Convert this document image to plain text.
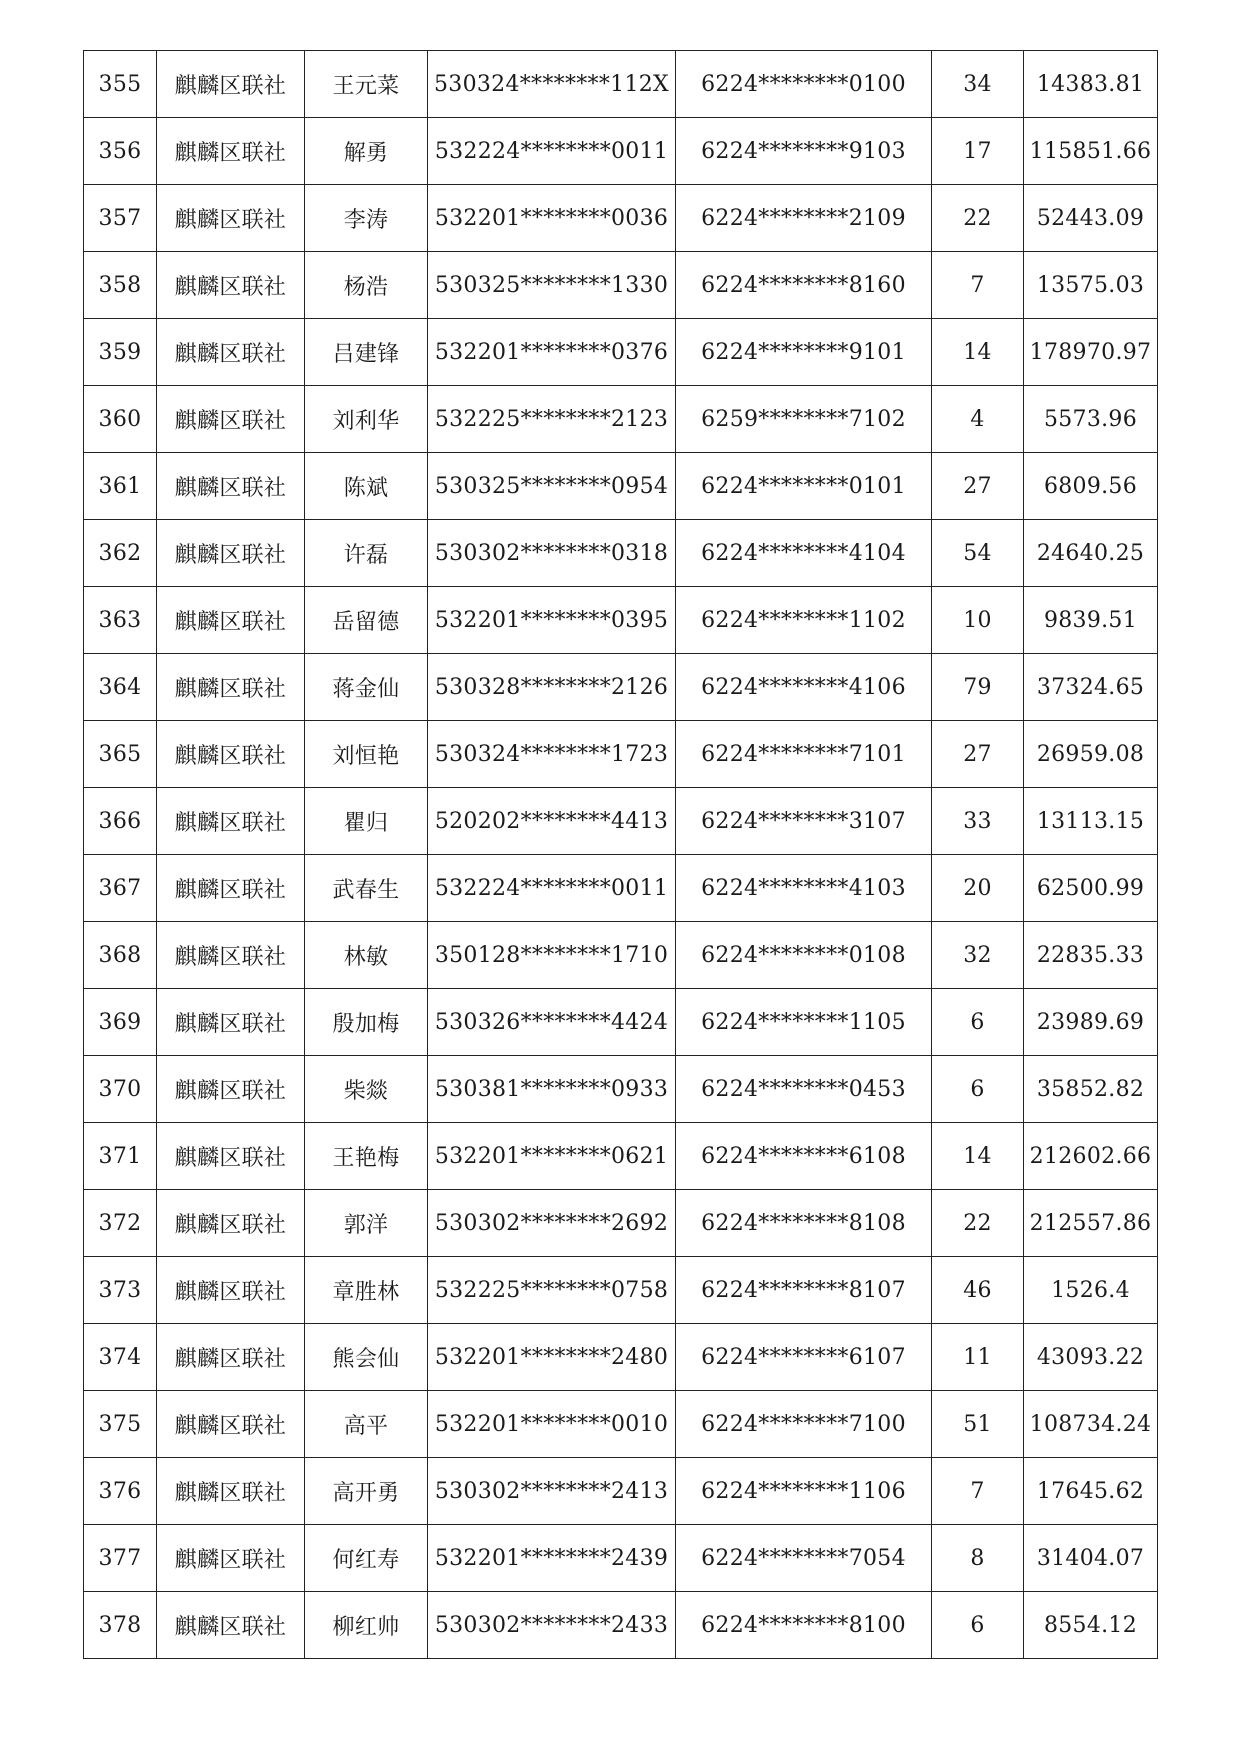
355	麒麟区联社	王元菜	530324********112X	6224********0100	34	14383.81
356	麒麟区联社	解勇	532224********0011	6224********9103	17	115851.66
357	麒麟区联社	李涛	532201********0036	6224********2109	22	52443.09
358	麒麟区联社	杨浩	530325********1330	6224********8160	7	13575.03
359	麒麟区联社	吕建锋	532201********0376	6224********9101	14	178970.97
360	麒麟区联社	刘利华	532225********2123	6259********7102	4	5573.96
361	麒麟区联社	陈斌	530325********0954	6224********0101	27	6809.56
362	麒麟区联社	许磊	530302********0318	6224********4104	54	24640.25
363	麒麟区联社	岳留德	532201********0395	6224********1102	10	9839.51
364	麒麟区联社	蒋金仙	530328********2126	6224********4106	79	37324.65
365	麒麟区联社	刘恒艳	530324********1723	6224********7101	27	26959.08
366	麒麟区联社	瞿归	520202********4413	6224********3107	33	13113.15
367	麒麟区联社	武春生	532224********0011	6224********4103	20	62500.99
368	麒麟区联社	林敏	350128********1710	6224********0108	32	22835.33
369	麒麟区联社	殷加梅	530326********4424	6224********1105	6	23989.69
370	麒麟区联社	柴燚	530381********0933	6224********0453	6	35852.82
371	麒麟区联社	王艳梅	532201********0621	6224********6108	14	212602.66
372	麒麟区联社	郭洋	530302********2692	6224********8108	22	212557.86
373	麒麟区联社	章胜林	532225********0758	6224********8107	46	1526.4
374	麒麟区联社	熊会仙	532201********2480	6224********6107	11	43093.22
375	麒麟区联社	高平	532201********0010	6224********7100	51	108734.24
376	麒麟区联社	高开勇	530302********2413	6224********1106	7	17645.62
377	麒麟区联社	何红寿	532201********2439	6224********7054	8	31404.07
378	麒麟区联社	柳红帅	530302********2433	6224********8100	6	8554.12
